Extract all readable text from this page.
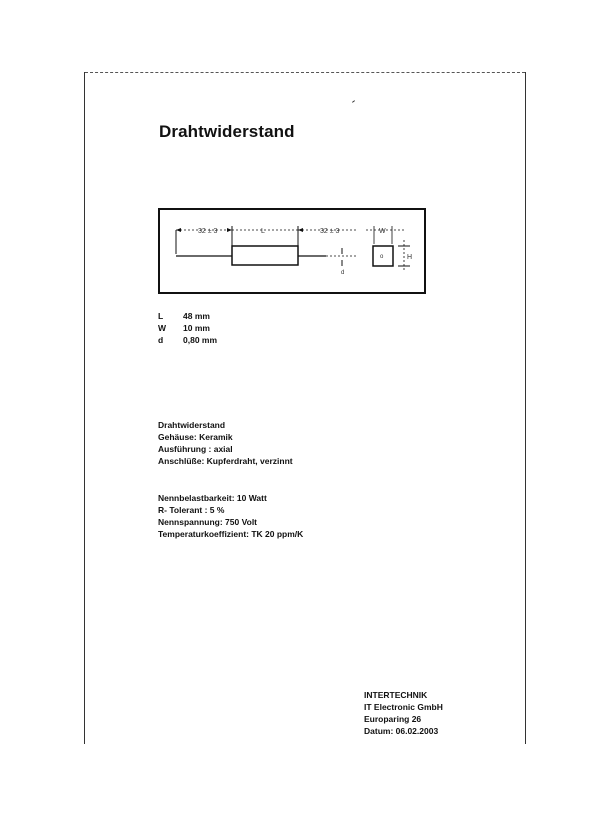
Drahtwiderstand
32 ± 3	L	32 ± 3
d
W
o	H
L 48 mm
W 10 mm
d 0,80 mm
Drahtwiderstand
Gehäuse: Keramik
Ausführung : axial
Anschlüße: Kupferdraht, verzinnt
Nennbelastbarkeit: 10 Watt
R- Tolerant : 5 %
Nennspannung: 750 Volt
Temperaturkoeffizient: TK 20 ppm/K
INTERTECHNIK
IT Electronic GmbH
Europaring 26
Datum: 06.02.2003
